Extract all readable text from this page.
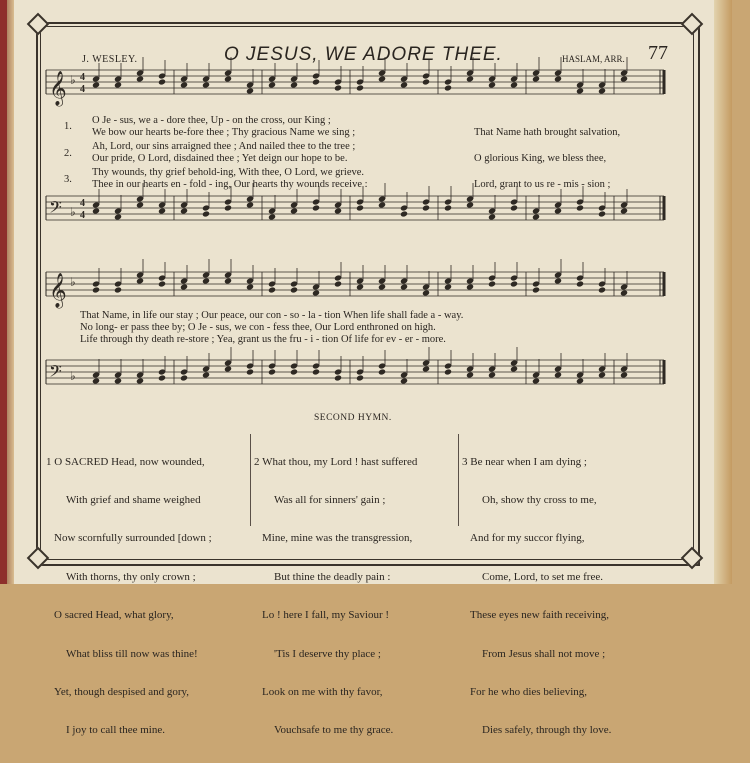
J. WESLEY.	O JESUS, WE ADORE THEE.	HASLAM, ARR. 77
𝄞 ♭ 4
4
𝄢 ♭
4
4
𝄞 ♭
𝄢 ♭
1.
2.
3.
O Je - sus, we a - dore thee, Up - on the cross, our King ;
We bow our hearts be-fore thee ; Thy gracious Name we sing ;
Ah, Lord, our sins arraigned thee ; And nailed thee to the tree ;
Our pride, O Lord, disdained thee ; Yet deign our hope to be.
Thy wounds, thy grief behold-ing, With thee, O Lord, we grieve.
Thee in our hearts en - fold - ing, Our hearts thy wounds receive :
That Name hath brought salvation,
O glorious King, we bless thee,
Lord, grant to us re - mis - sion ;
That Name, in life our stay ; Our peace, our con - so - la - tion When life shall fade a - way.
No long- er pass thee by; O Je - sus, we con - fess thee, Our Lord enthroned on high.
Life through thy death re-store ; Yea, grant us the fru - i - tion Of life for ev - er - more.
SECOND HYMN.

1 O SACRED Head, now wounded,

With grief and shame weighed

Now scornfully surrounded [down ;

With thorns, thy only crown ;

O sacred Head, what glory,

What bliss till now was thine!

Yet, though despised and gory,

I joy to call thee mine.

2 What thou, my Lord ! hast suffered

Was all for sinners' gain ;

Mine, mine was the transgression,

But thine the deadly pain :

Lo ! here I fall, my Saviour !

'Tis I deserve thy place ;

Look on me with thy favor,

Vouchsafe to me thy grace.

3 Be near when I am dying ;

Oh, show thy cross to me,

And for my succor flying,

Come, Lord, to set me free.

These eyes new faith receiving,

From Jesus shall not move ;

For he who dies believing,

Dies safely, through thy love.
